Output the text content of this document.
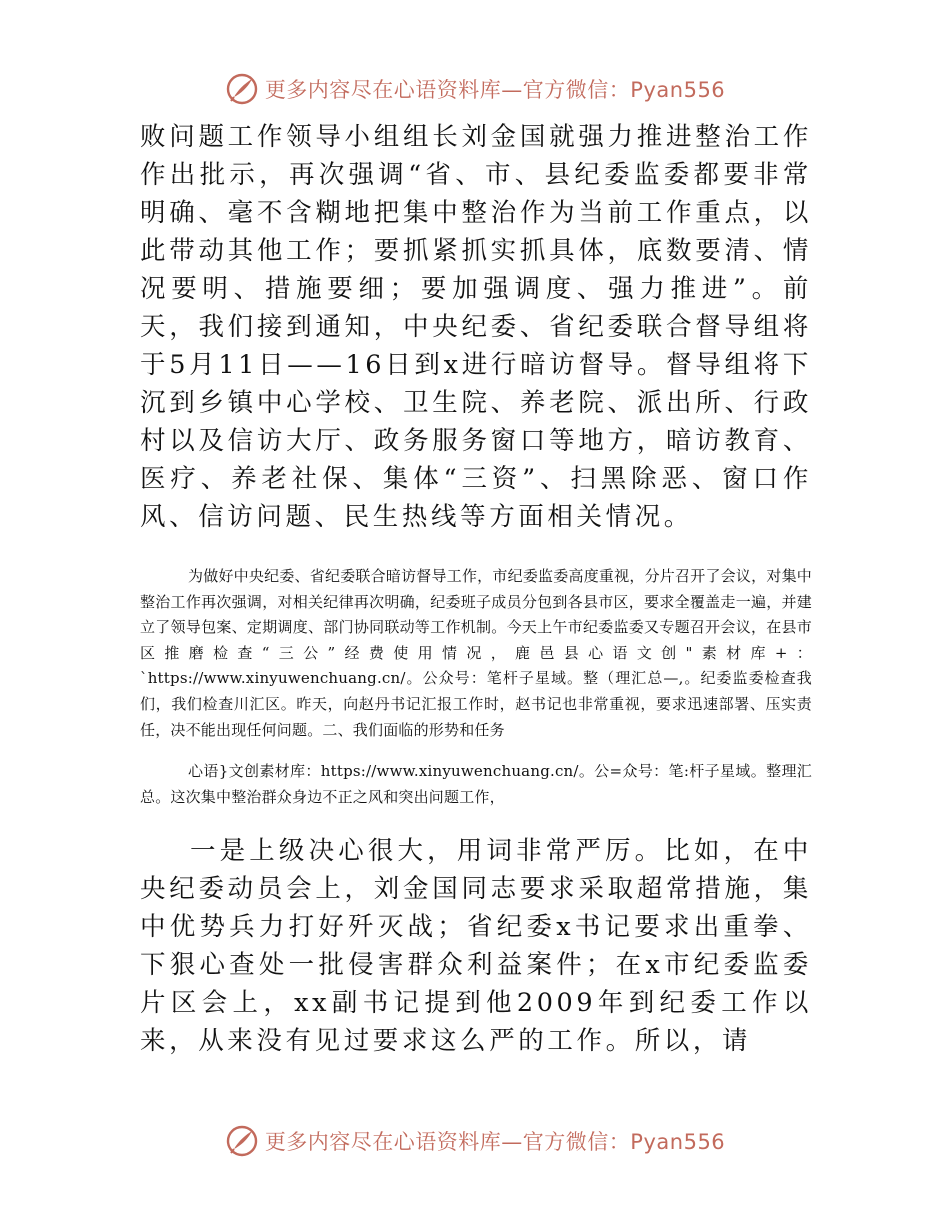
更多内容尽在心语资料库—官方微信：Pyan556

败问题工作领导小组组长刘金国就强力推进整治工作作出批示，再次强调“省、市、县纪委监委都要非常明确、毫不含糊地把集中整治作为当前工作重点，以此带动其他工作；要抓紧抓实抓具体，底数要清、情况要明、措施要细；要加强调度、强力推进”。前天，我们接到通知，中央纪委、省纪委联合督导组将于5月11日——16日到x进行暗访督导。督导组将下沉到乡镇中心学校、卫生院、养老院、派出所、行政村以及信访大厅、政务服务窗口等地方，暗访教育、医疗、养老社保、集体“三资”、扫黑除恶、窗口作风、信访问题、民生热线等方面相关情况。

为做好中央纪委、省纪委联合暗访督导工作，市纪委监委高度重视，分片召开了会议，对集中整治工作再次强调，对相关纪律再次明确，纪委班子成员分包到各县市区，要求全覆盖走一遍，并建立了领导包案、定期调度、部门协同联动等工作机制。今天上午市纪委监委又专题召开会议，在县市区推磨检查“三公”经费使用情况，鹿邑县心语文创"素材库+：`https://www.xinyuwenchuang.cn/。公众号：笔杆子星域。整（理汇总—,。纪委监委检查我们，我们检查川汇区。昨天，向赵丹书记汇报工作时，赵书记也非常重视，要求迅速部署、压实责任，决不能出现任何问题。二、我们面临的形势和任务

心语}文创素材库：https://www.xinyuwenchuang.cn/。公=众号：笔:杆子星域。整理汇总。这次集中整治群众身边不正之风和突出问题工作，

一是上级决心很大，用词非常严厉。比如，在中央纪委动员会上，刘金国同志要求采取超常措施，集中优势兵力打好歼灭战；省纪委x书记要求出重拳、下狠心查处一批侵害群众利益案件；在x市纪委监委片区会上，xx副书记提到他2009年到纪委工作以来，从来没有见过要求这么严的工作。所以，请

更多内容尽在心语资料库—官方微信：Pyan556
